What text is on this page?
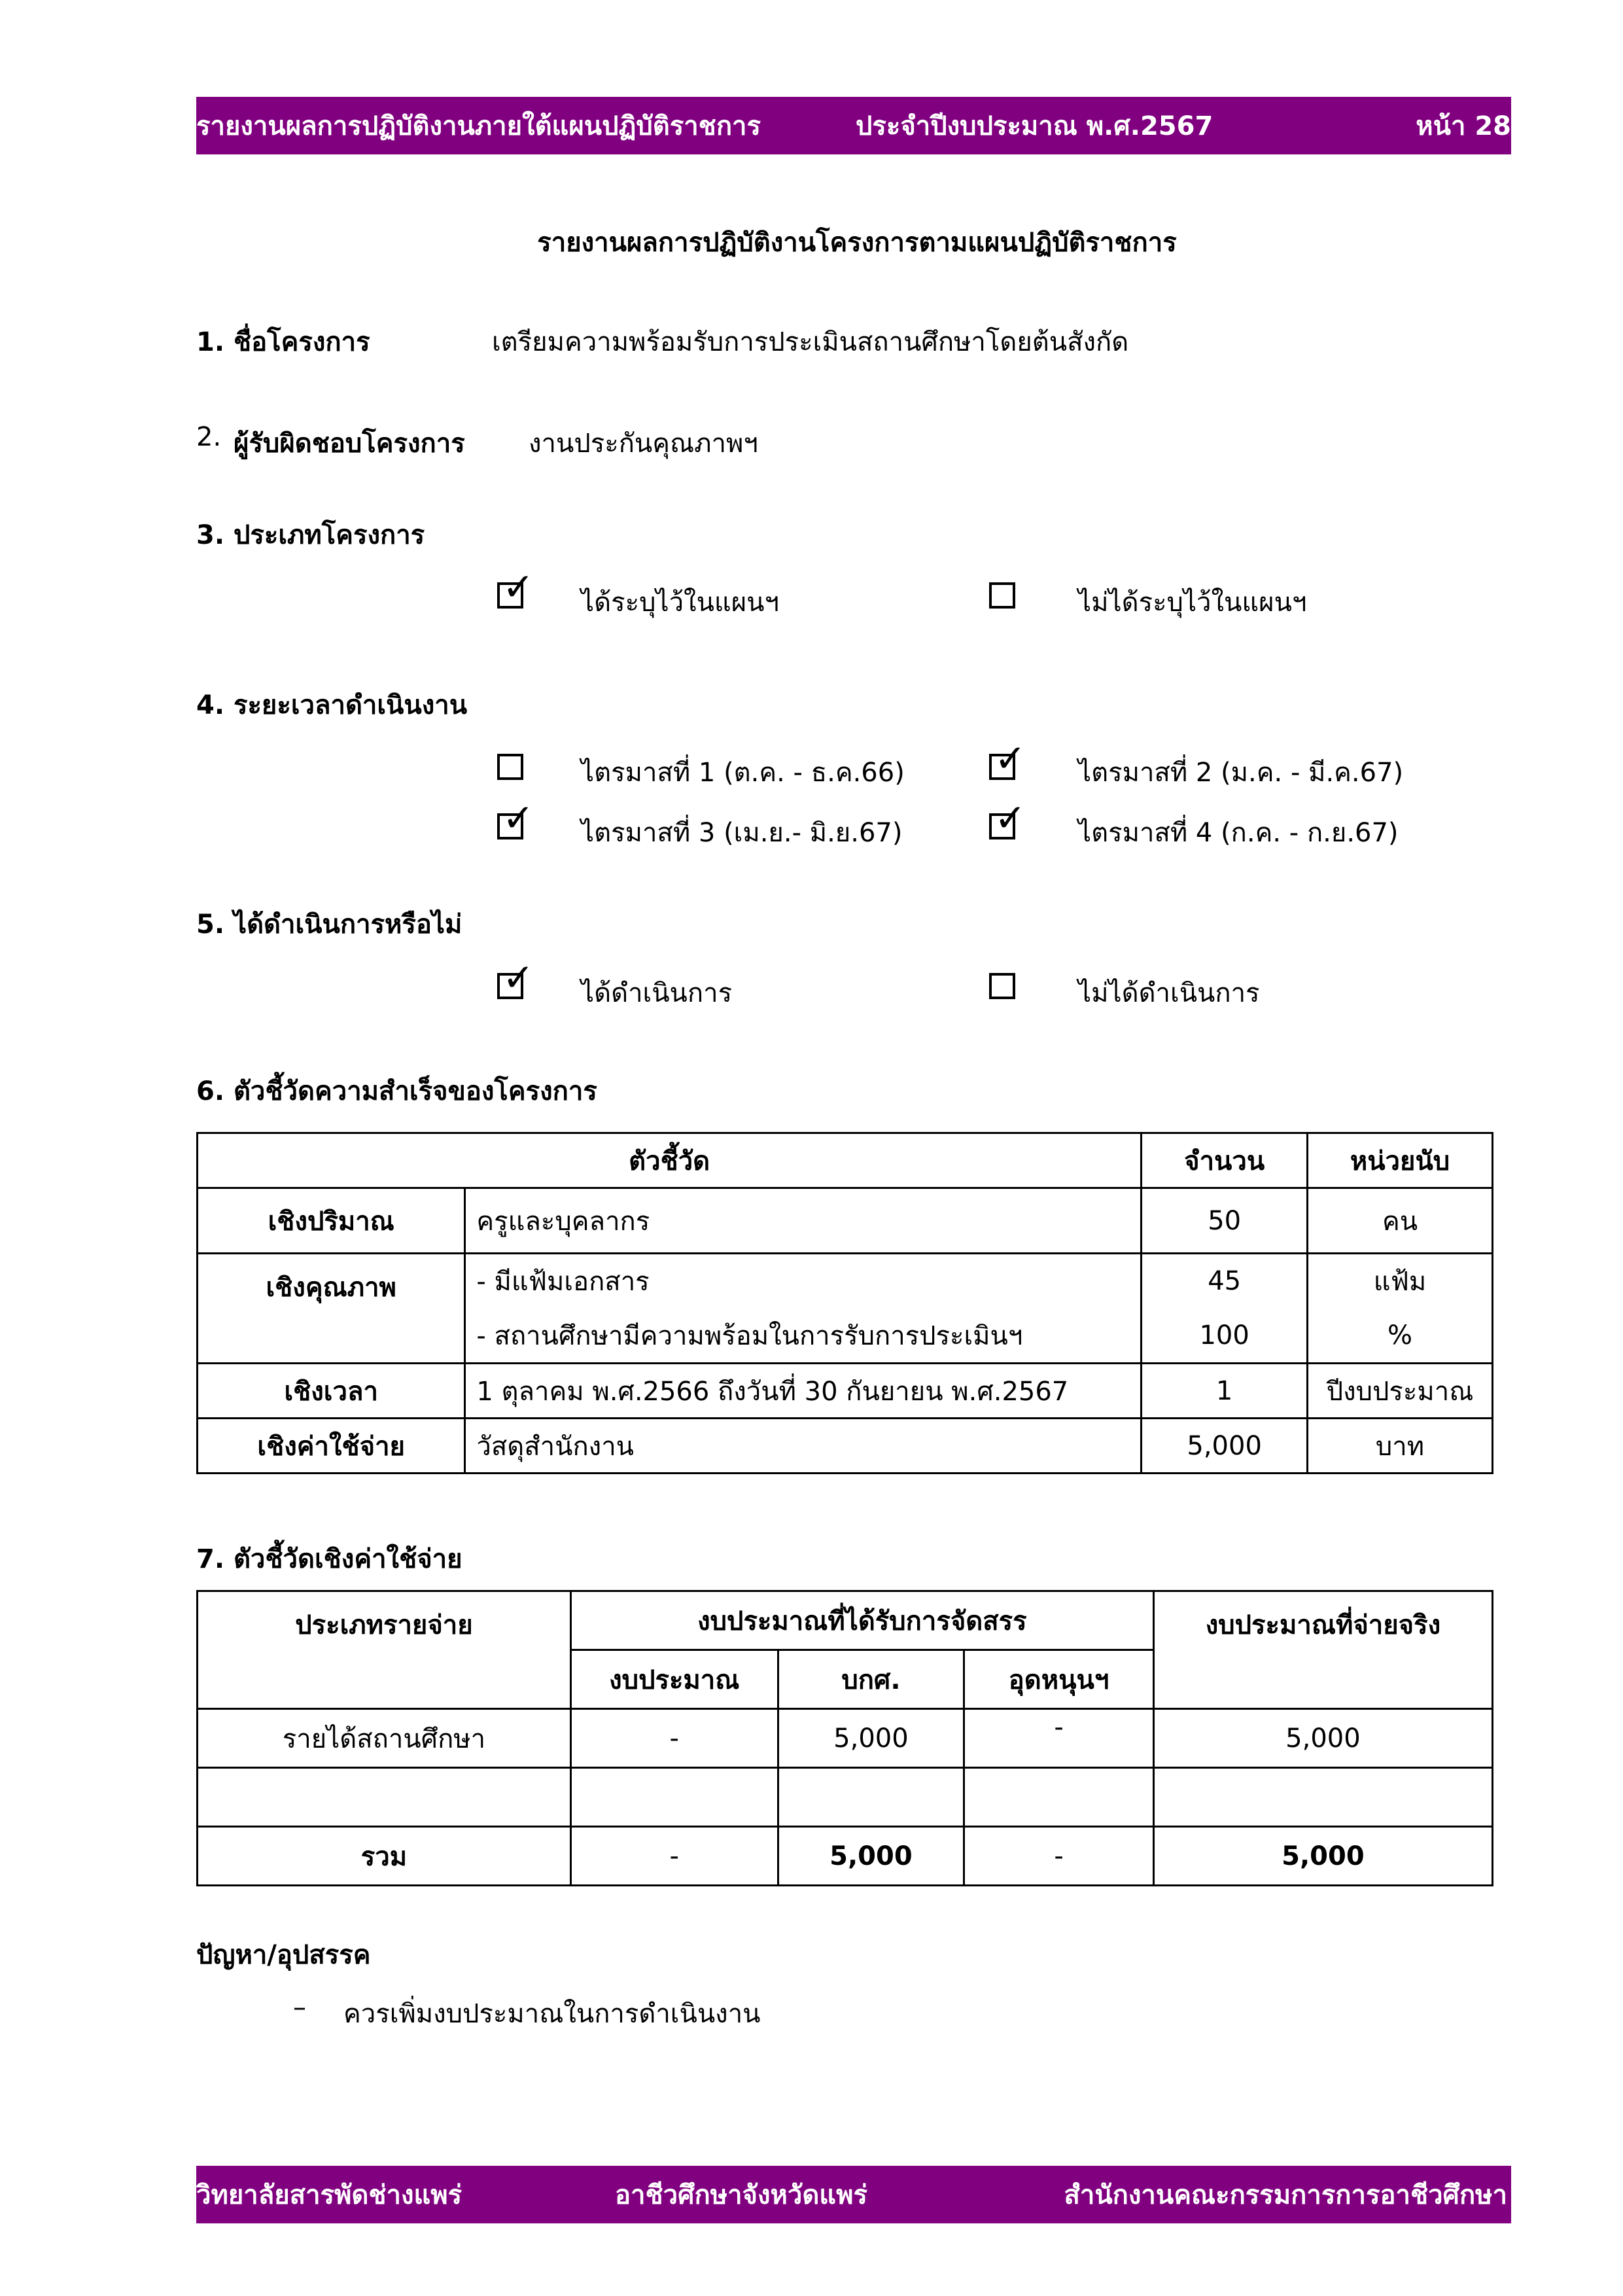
รายงานผลการปฏิบัติงานภายใต้แผนปฏิบัติราชการ	ประจำปีงบประมาณ พ.ศ.2567	หน้า 28
รายงานผลการปฏิบัติงานโครงการตามแผนปฏิบัติราชการ
1. ชื่อโครงการ	เตรียมความพร้อมรับการประเมินสถานศึกษาโดยต้นสังกัด
2. ผู้รับผิดชอบโครงการ งานประกันคุณภาพฯ
3. ประเภทโครงการ
✓ ได้ระบุไว้ในแผนฯ	ไม่ได้ระบุไว้ในแผนฯ
4. ระยะเวลาดำเนินงาน
ไตรมาสที่ 1 (ต.ค. - ธ.ค.66) ✓ ไตรมาสที่ 2 (ม.ค. - มี.ค.67)
✓ ไตรมาสที่ 3 (เม.ย.- มิ.ย.67) ✓ ไตรมาสที่ 4 (ก.ค. - ก.ย.67)
5. ได้ดำเนินการหรือไม่
✓ ได้ดำเนินการ	ไม่ได้ดำเนินการ
6. ตัวชี้วัดความสำเร็จของโครงการ
ตัวชี้วัด		จำนวน	หน่วยนับ
เชิงปริมาณ	ครูและบุคลากร	50	คน
เชิงคุณภาพ	- มีแฟ้มเอกสาร	45	แฟ้ม
	- สถานศึกษามีความพร้อมในการรับการประเมินฯ	100	%
เชิงเวลา	1 ตุลาคม พ.ศ.2566 ถึงวันที่ 30 กันยายน พ.ศ.2567	1	ปีงบประมาณ
เชิงค่าใช้จ่าย	วัสดุสำนักงาน	5,000	บาท
7. ตัวชี้วัดเชิงค่าใช้จ่าย
ประเภทรายจ่าย	งบประมาณที่ได้รับการจัดสรร			งบประมาณที่จ่ายจริง
	งบประมาณ	บกศ.	อุดหนุนฯ	
รายได้สถานศึกษา	-	5,000	-	5,000

รวม	-	5,000	-	5,000
ปัญหา/อุปสรรค
– ควรเพิ่มงบประมาณในการดำเนินงาน
วิทยาลัยสารพัดช่างแพร่	อาชีวศึกษาจังหวัดแพร่	สำนักงานคณะกรรมการการอาชีวศึกษา
